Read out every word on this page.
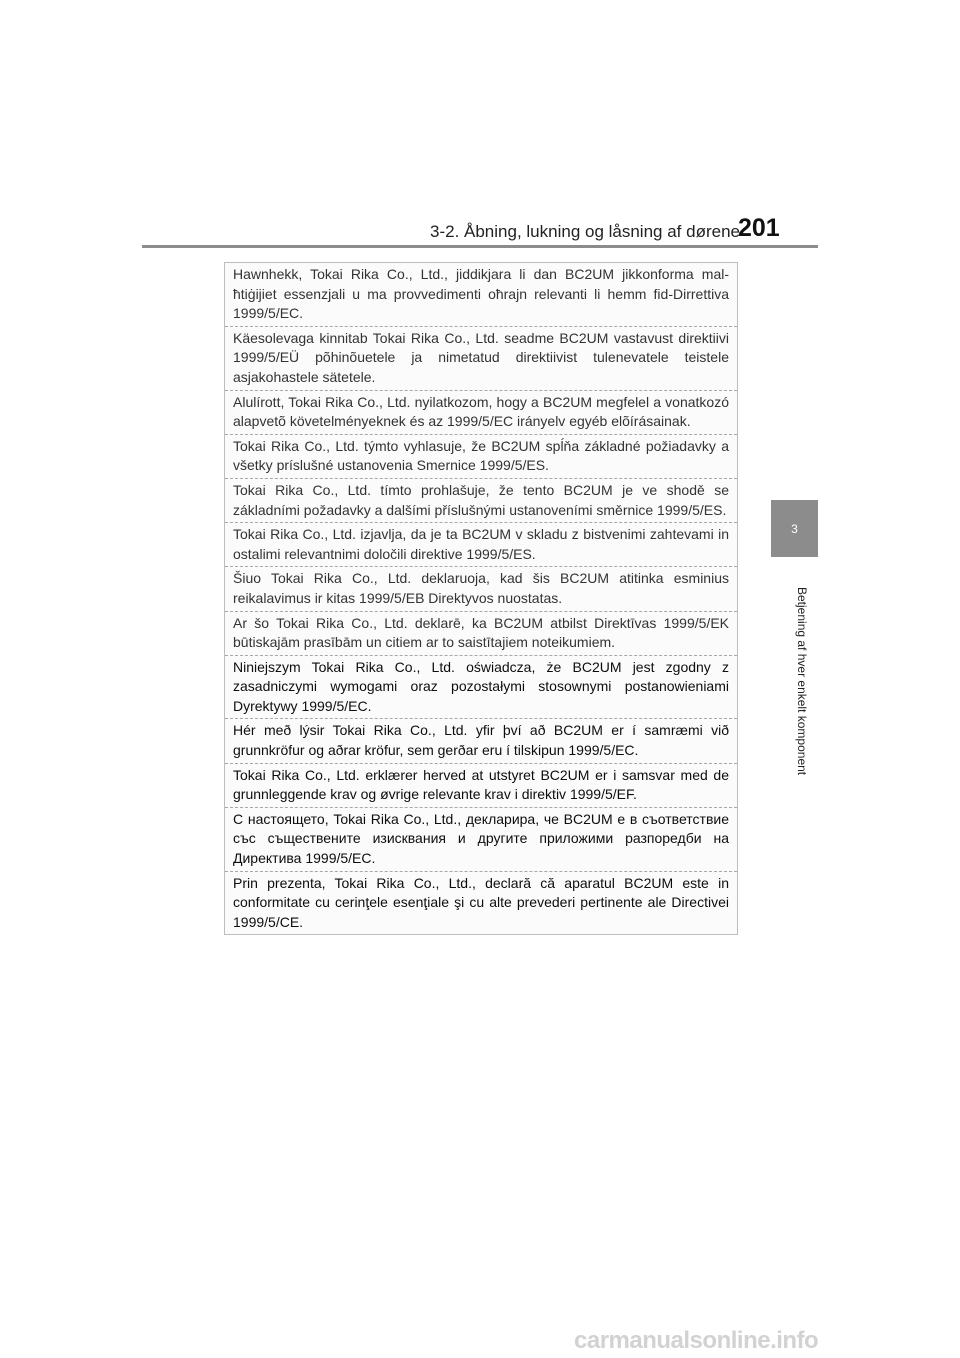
3-2. Åbning, lukning og låsning af dørene
201
3
Betjening af hver enkelt komponent
Hawnhekk, Tokai Rika Co., Ltd., jiddikjara li dan BC2UM jikkonforma mal-ħtiġijiet essenzjali u ma provvedimenti oħrajn relevanti li hemm fid-Dirrettiva 1999/5/EC.
Käesolevaga kinnitab Tokai Rika Co., Ltd. seadme BC2UM vastavust direktiivi 1999/5/EÜ põhinõuetele ja nimetatud direktiivist tulenevatele teistele asjakohastele sätetele.
Alulírott, Tokai Rika Co., Ltd. nyilatkozom, hogy a BC2UM megfelel a vonatkozó alapvetõ követelményeknek és az 1999/5/EC irányelv egyéb elõírásainak.
Tokai Rika Co., Ltd. týmto vyhlasuje, že BC2UM spĺňa základné požiadavky a všetky príslušné ustanovenia Smernice 1999/5/ES.
Tokai Rika Co., Ltd. tímto prohlašuje, že tento BC2UM je ve shodě se základními požadavky a dalšími příslušnými ustanoveními směrnice 1999/5/ES.
Tokai Rika Co., Ltd. izjavlja, da je ta BC2UM v skladu z bistvenimi zahtevami in ostalimi relevantnimi določili direktive 1999/5/ES.
Šiuo Tokai Rika Co., Ltd. deklaruoja, kad šis BC2UM atitinka esminius reikalavimus ir kitas 1999/5/EB Direktyvos nuostatas.
Ar šo Tokai Rika Co., Ltd. deklarē, ka BC2UM atbilst Direktīvas 1999/5/EK būtiskajām prasībām un citiem ar to saistītajiem noteikumiem.
Niniejszym Tokai Rika Co., Ltd. oświadcza, że BC2UM jest zgodny z zasadniczymi wymogami oraz pozostałymi stosownymi postanowieniami Dyrektywy 1999/5/EC.
Hér með lýsir Tokai Rika Co., Ltd. yfir því að BC2UM er í samræmi við grunnkröfur og aðrar kröfur, sem gerðar eru í tilskipun 1999/5/EC.
Tokai Rika Co., Ltd. erklærer herved at utstyret BC2UM er i samsvar med de grunnleggende krav og øvrige relevante krav i direktiv 1999/5/EF.
С настоящето, Tokai Rika Co., Ltd., декларира, че BC2UM е в съответствие със съществените изисквания и другите приложими разпоредби на Директива 1999/5/ЕС.
Prin prezenta, Tokai Rika Co., Ltd., declară că aparatul BC2UM este in conformitate cu cerinţele esenţiale şi cu alte prevederi pertinente ale Directivei 1999/5/CE.
carmanualsonline.info
